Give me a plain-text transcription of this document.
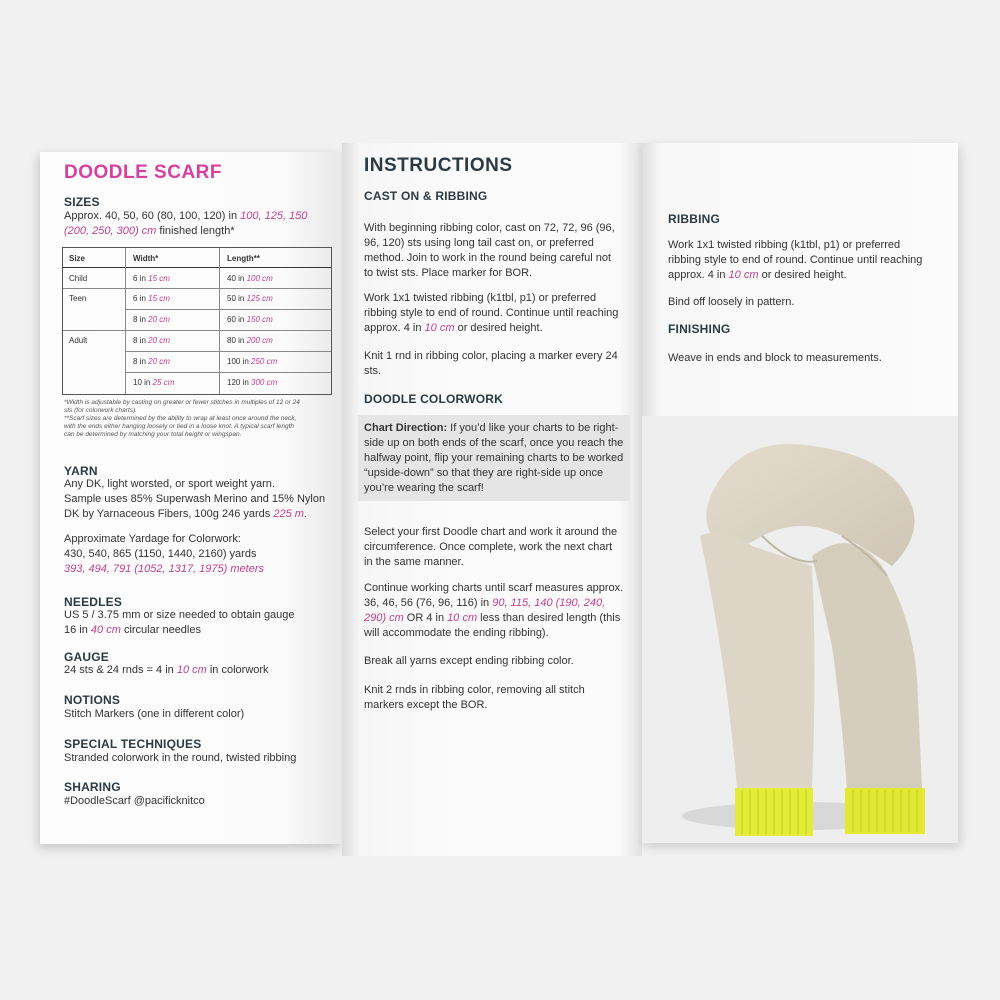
DOODLE SCARF
SIZES
Approx. 40, 50, 60 (80, 100, 120) in 100, 125, 150
(200, 250, 300) cm finished length*
Size	Width*	Length**
Child	6 in 15 cm	40 in 100 cm
Teen	6 in 15 cm	50 in 125 cm
8 in 20 cm	60 in 150 cm
Adult	8 in 20 cm	80 in 200 cm
8 in 20 cm	100 in 250 cm
10 in 25 cm	120 in 300 cm
*Width is adjustable by casting on greater or fewer stitches in multiples of 12 or 24
sts (for colorwork charts).
**Scarf sizes are determined by the ability to wrap at least once around the neck,
with the ends either hanging loosely or tied in a loose knot. A typical scarf length
can be determined by matching your total height or wingspan.
YARN
Any DK, light worsted, or sport weight yarn.
Sample uses 85% Superwash Merino and 15% Nylon
DK by Yarnaceous Fibers, 100g 246 yards 225 m.
Approximate Yardage for Colorwork:
430, 540, 865 (1150, 1440, 2160) yards
393, 494, 791 (1052, 1317, 1975) meters
NEEDLES
US 5 / 3.75 mm or size needed to obtain gauge
16 in 40 cm circular needles
GAUGE
24 sts & 24 rnds = 4 in 10 cm in colorwork
NOTIONS
Stitch Markers (one in different color)
SPECIAL TECHNIQUES
Stranded colorwork in the round, twisted ribbing
SHARING
#DoodleScarf @pacificknitco
INSTRUCTIONS
CAST ON & RIBBING
With beginning ribbing color, cast on 72, 72, 96 (96,
96, 120) sts using long tail cast on, or preferred
method. Join to work in the round being careful not
to twist sts. Place marker for BOR.
Work 1x1 twisted ribbing (k1tbl, p1) or preferred
ribbing style to end of round. Continue until reaching
approx. 4 in 10 cm or desired height.
Knit 1 rnd in ribbing color, placing a marker every 24
sts.
DOODLE COLORWORK
Chart Direction: If you’d like your charts to be right-
side up on both ends of the scarf, once you reach the
halfway point, flip your remaining charts to be worked
“upside-down” so that they are right-side up once
you’re wearing the scarf!
Select your first Doodle chart and work it around the
circumference. Once complete, work the next chart
in the same manner.
Continue working charts until scarf measures approx.
36, 46, 56 (76, 96, 116) in 90, 115, 140 (190, 240,
290) cm OR 4 in 10 cm less than desired length (this
will accommodate the ending ribbing).
Break all yarns except ending ribbing color.
Knit 2 rnds in ribbing color, removing all stitch
markers except the BOR.
RIBBING
Work 1x1 twisted ribbing (k1tbl, p1) or preferred
ribbing style to end of round. Continue until reaching
approx. 4 in 10 cm or desired height.
Bind off loosely in pattern.
FINISHING
Weave in ends and block to measurements.
